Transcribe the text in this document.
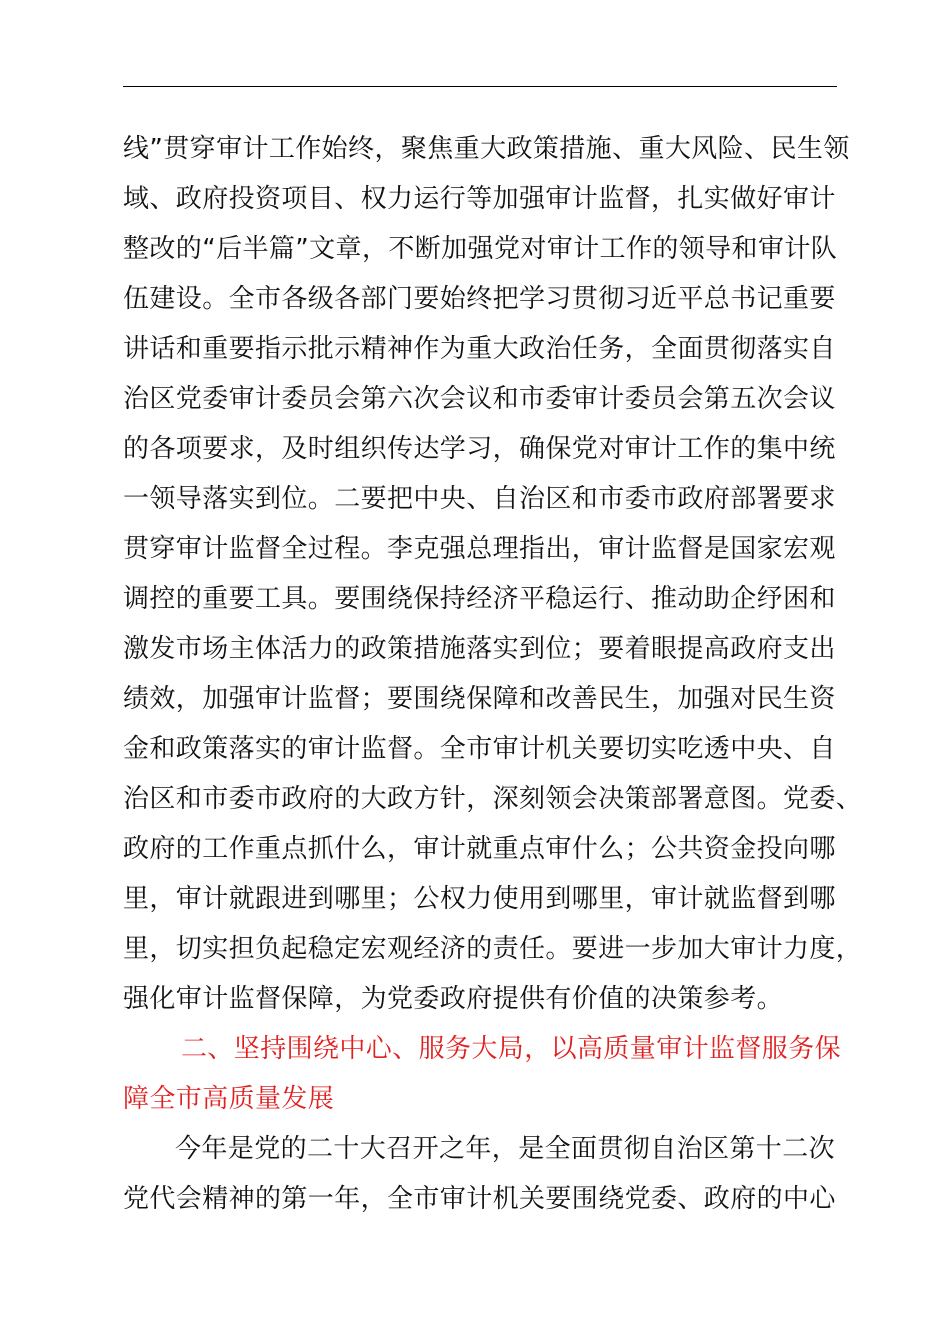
线”贯穿审计工作始终，聚焦重大政策措施、重大风险、民生领
域、政府投资项目、权力运行等加强审计监督，扎实做好审计
整改的“后半篇”文章，不断加强党对审计工作的领导和审计队
伍建设。全市各级各部门要始终把学习贯彻习近平总书记重要
讲话和重要指示批示精神作为重大政治任务，全面贯彻落实自
治区党委审计委员会第六次会议和市委审计委员会第五次会议
的各项要求，及时组织传达学习，确保党对审计工作的集中统
一领导落实到位。二要把中央、自治区和市委市政府部署要求
贯穿审计监督全过程。李克强总理指出，审计监督是国家宏观
调控的重要工具。要围绕保持经济平稳运行、推动助企纾困和
激发市场主体活力的政策措施落实到位；要着眼提高政府支出
绩效，加强审计监督；要围绕保障和改善民生，加强对民生资
金和政策落实的审计监督。全市审计机关要切实吃透中央、自
治区和市委市政府的大政方针，深刻领会决策部署意图。党委、
政府的工作重点抓什么，审计就重点审什么；公共资金投向哪
里，审计就跟进到哪里；公权力使用到哪里，审计就监督到哪
里，切实担负起稳定宏观经济的责任。要进一步加大审计力度，
强化审计监督保障，为党委政府提供有价值的决策参考。
二、坚持围绕中心、服务大局，以高质量审计监督服务保
障全市高质量发展
今年是党的二十大召开之年，是全面贯彻自治区第十二次
党代会精神的第一年，全市审计机关要围绕党委、政府的中心
